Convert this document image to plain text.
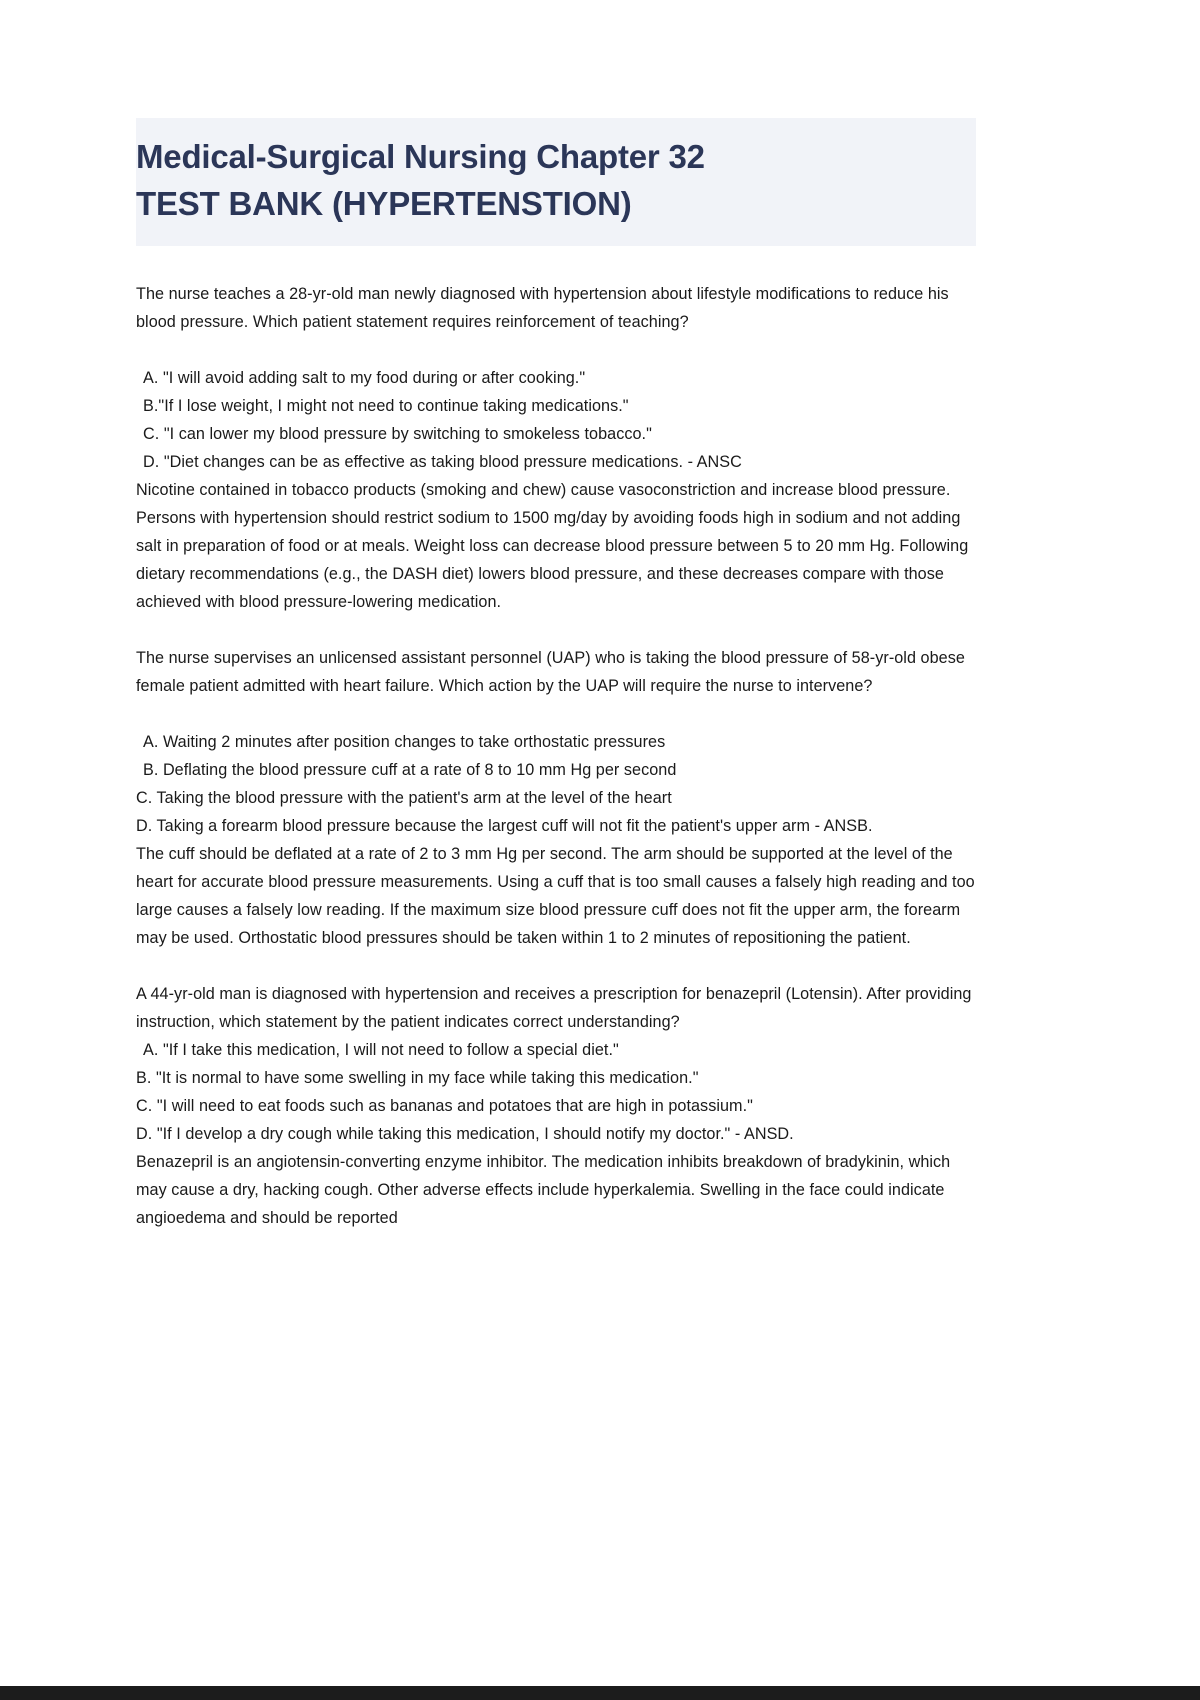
Medical-Surgical Nursing Chapter 32
TEST BANK (HYPERTENSTION)

The nurse teaches a 28-yr-old man newly diagnosed with hypertension about lifestyle modifications to reduce his blood pressure. Which patient statement requires reinforcement of teaching?

A. "I will avoid adding salt to my food during or after cooking."

B."If I lose weight, I might not need to continue taking medications."

C. "I can lower my blood pressure by switching to smokeless tobacco."

D. "Diet changes can be as effective as taking blood pressure medications. - ANSC

Nicotine contained in tobacco products (smoking and chew) cause vasoconstriction and increase blood pressure. Persons with hypertension should restrict sodium to 1500 mg/day by avoiding foods high in sodium and not adding salt in preparation of food or at meals. Weight loss can decrease blood pressure between 5 to 20 mm Hg. Following dietary recommendations (e.g., the DASH diet) lowers blood pressure, and these decreases compare with those achieved with blood pressure-lowering medication.

The nurse supervises an unlicensed assistant personnel (UAP) who is taking the blood pressure of 58-yr-old obese female patient admitted with heart failure. Which action by the UAP will require the nurse to intervene?

A. Waiting 2 minutes after position changes to take orthostatic pressures

B. Deflating the blood pressure cuff at a rate of 8 to 10 mm Hg per second

C. Taking the blood pressure with the patient's arm at the level of the heart

D. Taking a forearm blood pressure because the largest cuff will not fit the patient's upper arm - ANSB.

The cuff should be deflated at a rate of 2 to 3 mm Hg per second. The arm should be supported at the level of the heart for accurate blood pressure measurements. Using a cuff that is too small causes a falsely high reading and too large causes a falsely low reading. If the maximum size blood pressure cuff does not fit the upper arm, the forearm may be used. Orthostatic blood pressures should be taken within 1 to 2 minutes of repositioning the patient.

A 44-yr-old man is diagnosed with hypertension and receives a prescription for benazepril (Lotensin). After providing instruction, which statement by the patient indicates correct understanding?

A. "If I take this medication, I will not need to follow a special diet."

B. "It is normal to have some swelling in my face while taking this medication."

C. "I will need to eat foods such as bananas and potatoes that are high in potassium."

D. "If I develop a dry cough while taking this medication, I should notify my doctor." - ANSD.

Benazepril is an angiotensin-converting enzyme inhibitor. The medication inhibits breakdown of bradykinin, which may cause a dry, hacking cough. Other adverse effects include hyperkalemia. Swelling in the face could indicate angioedema and should be reported
